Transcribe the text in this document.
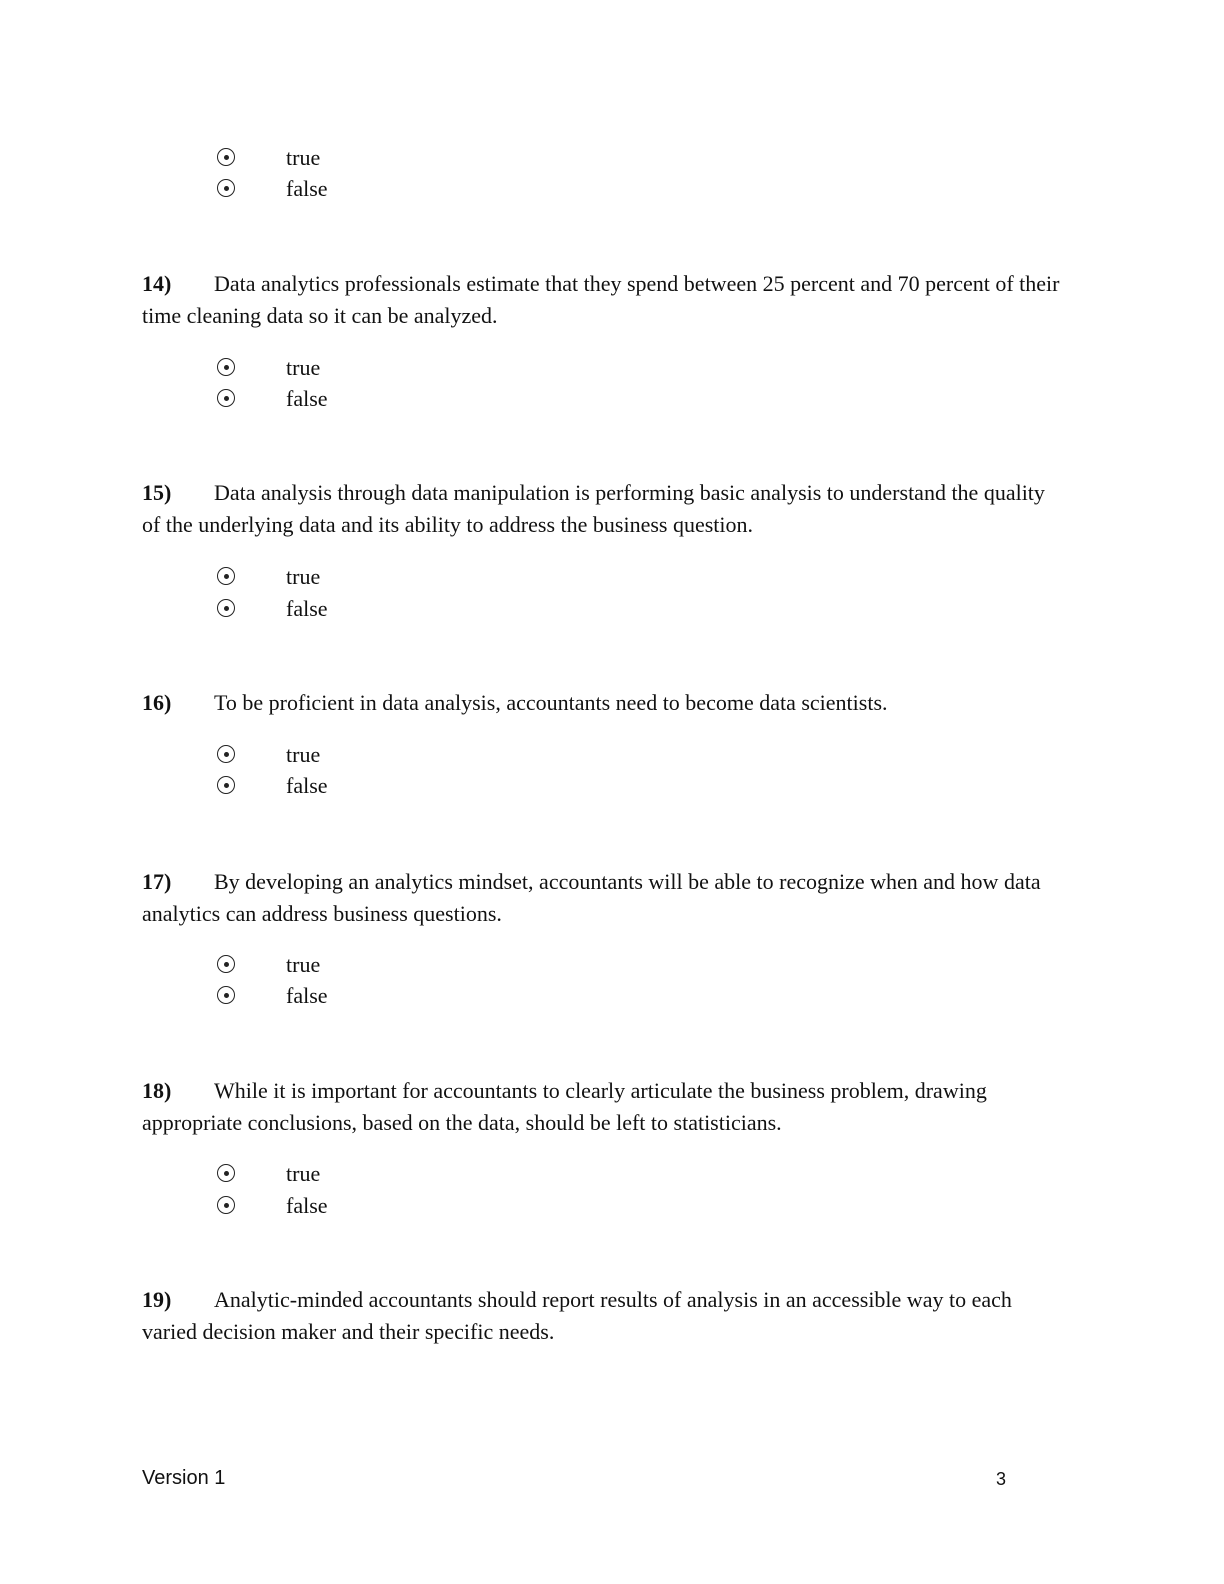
true
false

14) Data analytics professionals estimate that they spend between 25 percent and 70 percent of their time cleaning data so it can be analyzed.

true
false

15) Data analysis through data manipulation is performing basic analysis to understand the quality of the underlying data and its ability to address the business question.

true
false

16) To be proficient in data analysis, accountants need to become data scientists.

true
false

17) By developing an analytics mindset, accountants will be able to recognize when and how data analytics can address business questions.

true
false

18) While it is important for accountants to clearly articulate the business problem, drawing appropriate conclusions, based on the data, should be left to statisticians.

true
false

19) Analytic-minded accountants should report results of analysis in an accessible way to each varied decision maker and their specific needs.

Version 1	3
